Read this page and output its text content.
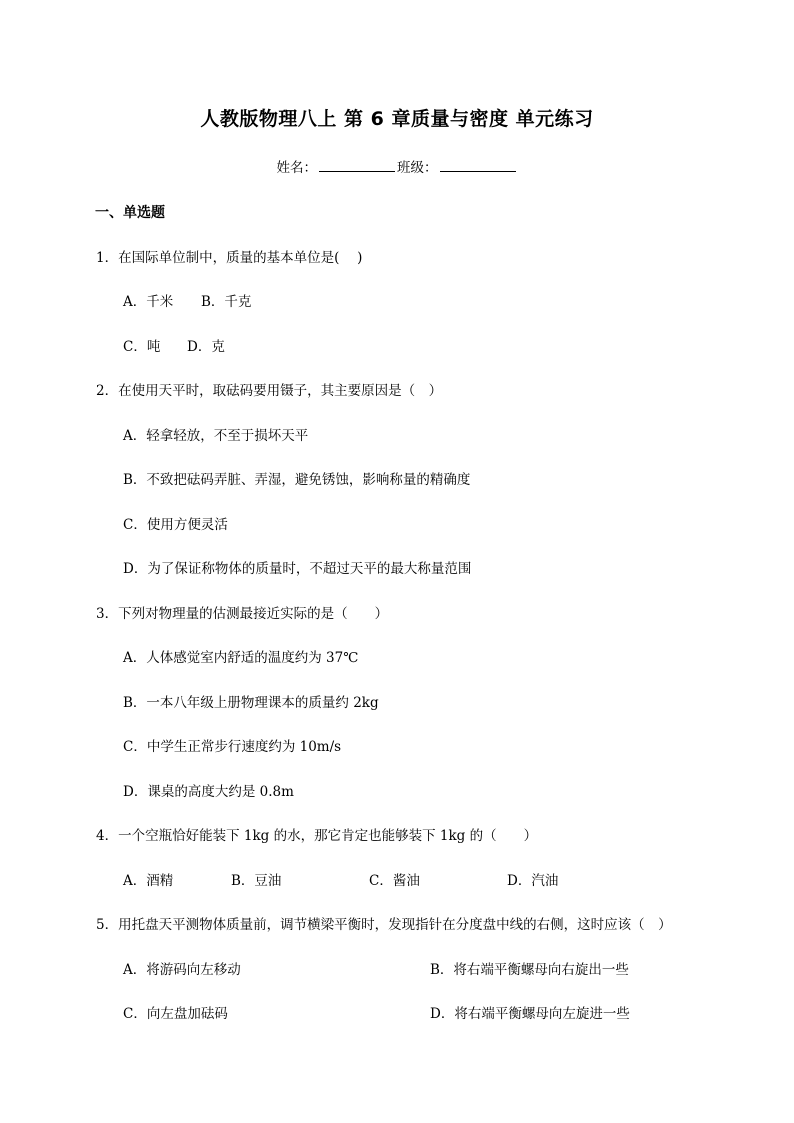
人教版物理八上 第 6 章质量与密度 单元练习
姓名：	班级：
一、单选题
1．在国际单位制中，质量的基本单位是(　 )
A．千米 B．千克
C．吨 D．克
2．在使用天平时，取砝码要用镊子，其主要原因是（　）
A．轻拿轻放，不至于损坏天平
B．不致把砝码弄脏、弄湿，避免锈蚀，影响称量的精确度
C．使用方便灵活
D．为了保证称物体的质量时，不超过天平的最大称量范围
3．下列对物理量的估测最接近实际的是（　　）
A．人体感觉室内舒适的温度约为 37℃
B．一本八年级上册物理课本的质量约 2kg
C．中学生正常步行速度约为 10m/s
D．课桌的高度大约是 0.8m
4．一个空瓶恰好能装下 1kg 的水，那它肯定也能够装下 1kg 的（　　）
A．酒精	B．豆油	C．酱油	D．汽油
5．用托盘天平测物体质量前，调节横梁平衡时，发现指针在分度盘中线的右侧，这时应该（　）
A．将游码向左移动	B．将右端平衡螺母向右旋出一些
C．向左盘加砝码	D．将右端平衡螺母向左旋进一些
